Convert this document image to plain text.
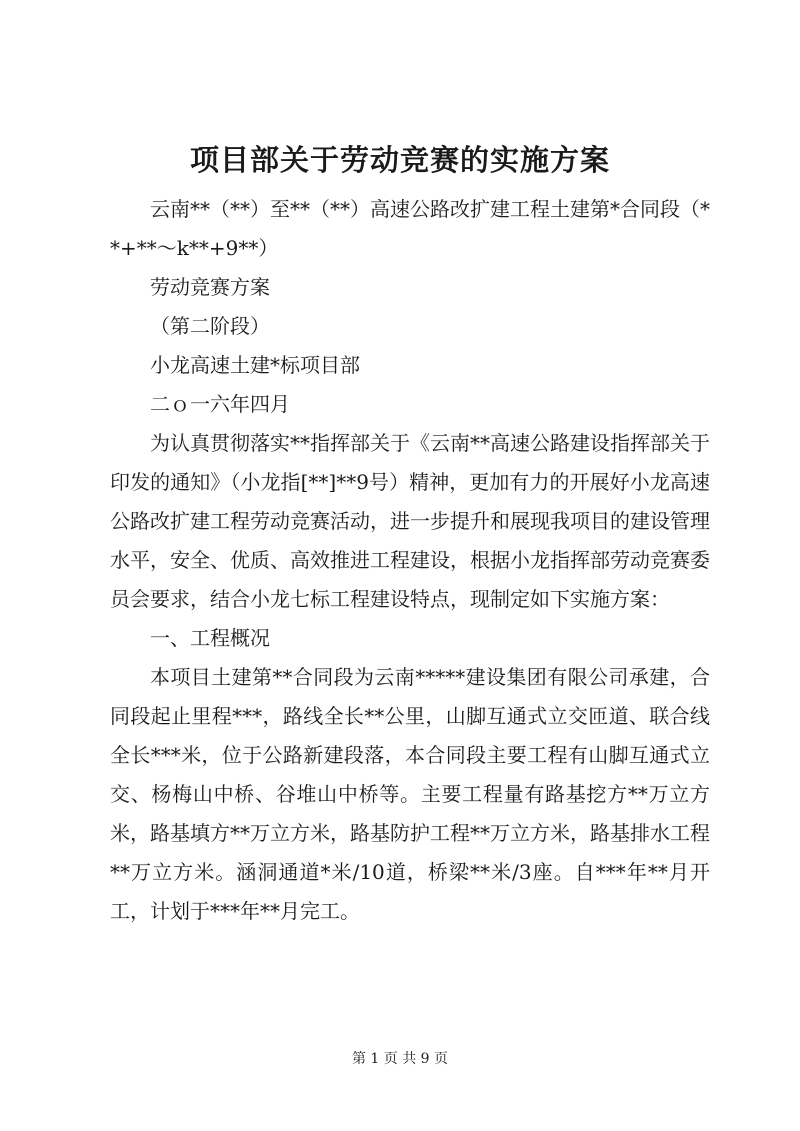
项目部关于劳动竞赛的实施方案

云南**（**）至**（**）高速公路改扩建工程土建第*合同段（**+**～k**+9**）

劳动竞赛方案

（第二阶段）

小龙高速土建*标项目部

二ｏ一六年四月

为认真贯彻落实**指挥部关于《云南**高速公路建设指挥部关于印发的通知》（小龙指[**]**9号）精神，更加有力的开展好小龙高速公路改扩建工程劳动竞赛活动，进一步提升和展现我项目的建设管理水平，安全、优质、高效推进工程建设，根据小龙指挥部劳动竞赛委员会要求，结合小龙七标工程建设特点，现制定如下实施方案：

一、工程概况

本项目土建第**合同段为云南*****建设集团有限公司承建，合同段起止里程***，路线全长**公里，山脚互通式立交匝道、联合线全长***米，位于公路新建段落，本合同段主要工程有山脚互通式立交、杨梅山中桥、谷堆山中桥等。主要工程量有路基挖方**万立方米，路基填方**万立方米，路基防护工程**万立方米，路基排水工程**万立方米。涵洞通道*米/10道，桥梁**米/3座。自***年**月开工，计划于***年**月完工。

第 1 页 共 9 页
